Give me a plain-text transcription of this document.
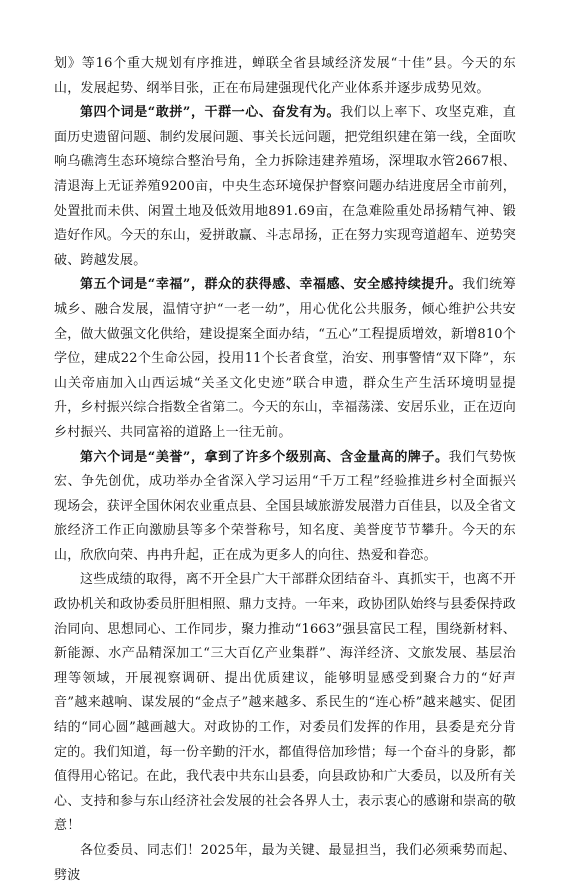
划》等16个重大规划有序推进，蝉联全省县域经济发展“十佳”县。今天的东山，发展起势、纲举目张，正在布局建强现代化产业体系并逐步成势见效。

第四个词是“敢拼”，干群一心、奋发有为。我们以上率下、攻坚克难，直面历史遗留问题、制约发展问题、事关长远问题，把党组织建在第一线，全面吹响乌礁湾生态环境综合整治号角，全力拆除违建养殖场，深埋取水管2667根、清退海上无证养殖9200亩，中央生态环境保护督察问题办结进度居全市前列，处置批而未供、闲置土地及低效用地891.69亩，在急难险重处昂扬精气神、锻造好作风。今天的东山，爱拼敢赢、斗志昂扬，正在努力实现弯道超车、逆势突破、跨越发展。

第五个词是“幸福”，群众的获得感、幸福感、安全感持续提升。我们统筹城乡、融合发展，温情守护“一老一幼”，用心优化公共服务，倾心维护公共安全，做大做强文化供给，建设提案全面办结，“五心”工程提质增效，新增810个学位，建成22个生命公园，投用11个长者食堂，治安、刑事警情“双下降”，东山关帝庙加入山西运城“关圣文化史迹”联合申遗，群众生产生活环境明显提升，乡村振兴综合指数全省第二。今天的东山，幸福荡漾、安居乐业，正在迈向乡村振兴、共同富裕的道路上一往无前。

第六个词是“美誉”，拿到了许多个级别高、含金量高的牌子。我们气势恢宏、争先创优，成功举办全省深入学习运用“千万工程”经验推进乡村全面振兴现场会，获评全国休闲农业重点县、全国县域旅游发展潜力百佳县，以及全省文旅经济工作正向激励县等多个荣誉称号，知名度、美誉度节节攀升。今天的东山，欣欣向荣、冉冉升起，正在成为更多人的向往、热爱和眷恋。

这些成绩的取得，离不开全县广大干部群众团结奋斗、真抓实干，也离不开政协机关和政协委员肝胆相照、鼎力支持。一年来，政协团队始终与县委保持政治同向、思想同心、工作同步，聚力推动“1663”强县富民工程，围绕新材料、新能源、水产品精深加工“三大百亿产业集群”、海洋经济、文旅发展、基层治理等领域，开展视察调研、提出优质建议，能够明显感受到聚合力的“好声音”越来越响、谋发展的“金点子”越来越多、系民生的“连心桥”越来越实、促团结的“同心圆”越画越大。对政协的工作，对委员们发挥的作用，县委是充分肯定的。我们知道，每一份辛勤的汗水，都值得倍加珍惜；每一个奋斗的身影，都值得用心铭记。在此，我代表中共东山县委，向县政协和广大委员，以及所有关心、支持和参与东山经济社会发展的社会各界人士，表示衷心的感谢和崇高的敬意！

各位委员、同志们！2025年，最为关键、最显担当，我们必须乘势而起、劈波
